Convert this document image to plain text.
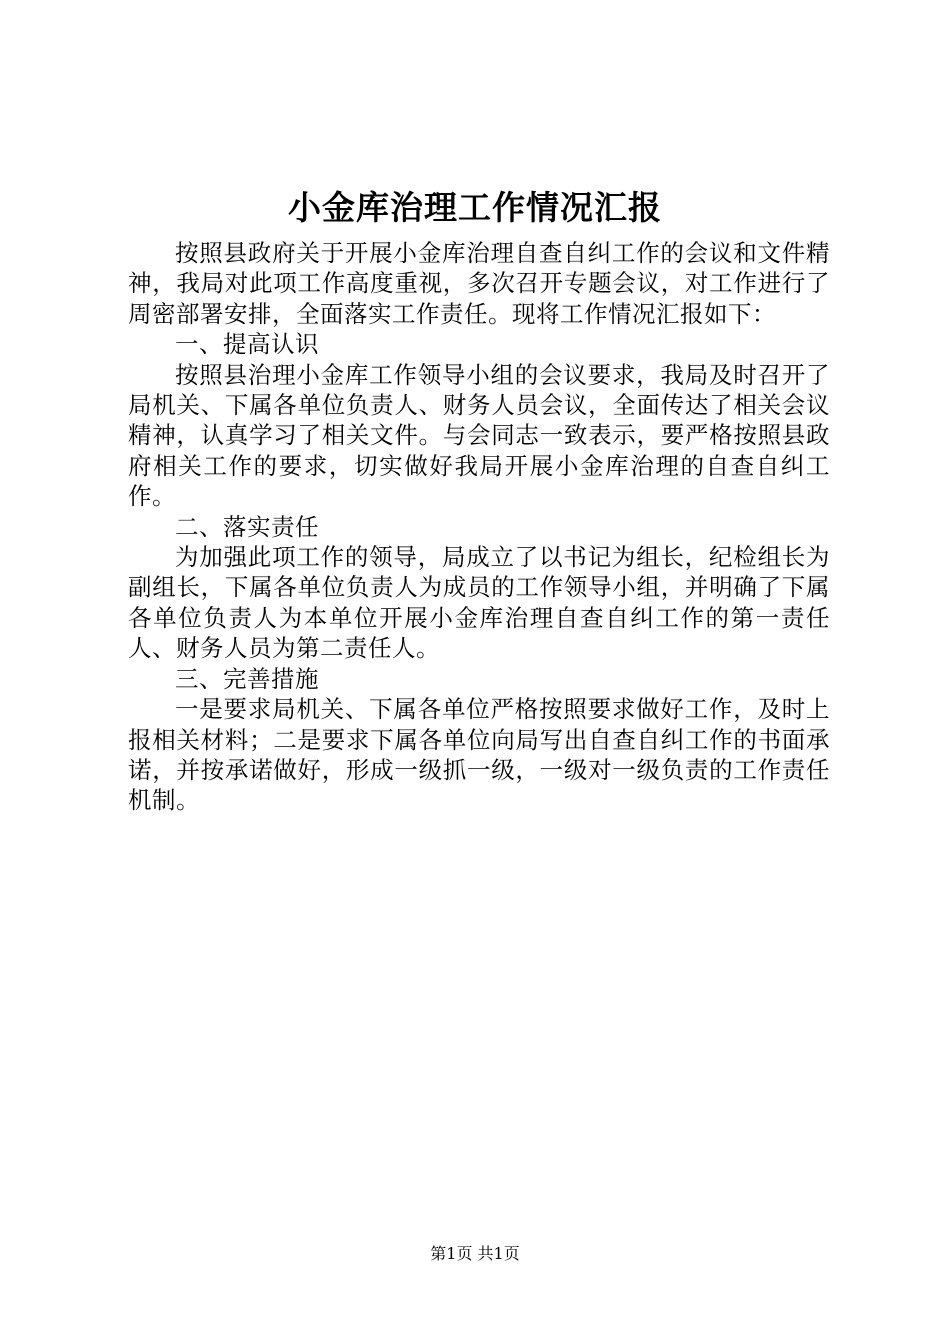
小金库治理工作情况汇报

按照县政府关于开展小金库治理自查自纠工作的会议和文件精神，我局对此项工作高度重视，多次召开专题会议，对工作进行了周密部署安排，全面落实工作责任。现将工作情况汇报如下：

一、提高认识

按照县治理小金库工作领导小组的会议要求，我局及时召开了局机关、下属各单位负责人、财务人员会议，全面传达了相关会议精神，认真学习了相关文件。与会同志一致表示，要严格按照县政府相关工作的要求，切实做好我局开展小金库治理的自查自纠工作。

二、落实责任

为加强此项工作的领导，局成立了以书记为组长，纪检组长为副组长，下属各单位负责人为成员的工作领导小组，并明确了下属各单位负责人为本单位开展小金库治理自查自纠工作的第一责任人、财务人员为第二责任人。

三、完善措施

一是要求局机关、下属各单位严格按照要求做好工作，及时上报相关材料；二是要求下属各单位向局写出自查自纠工作的书面承诺，并按承诺做好，形成一级抓一级，一级对一级负责的工作责任机制。

第1页 共1页
